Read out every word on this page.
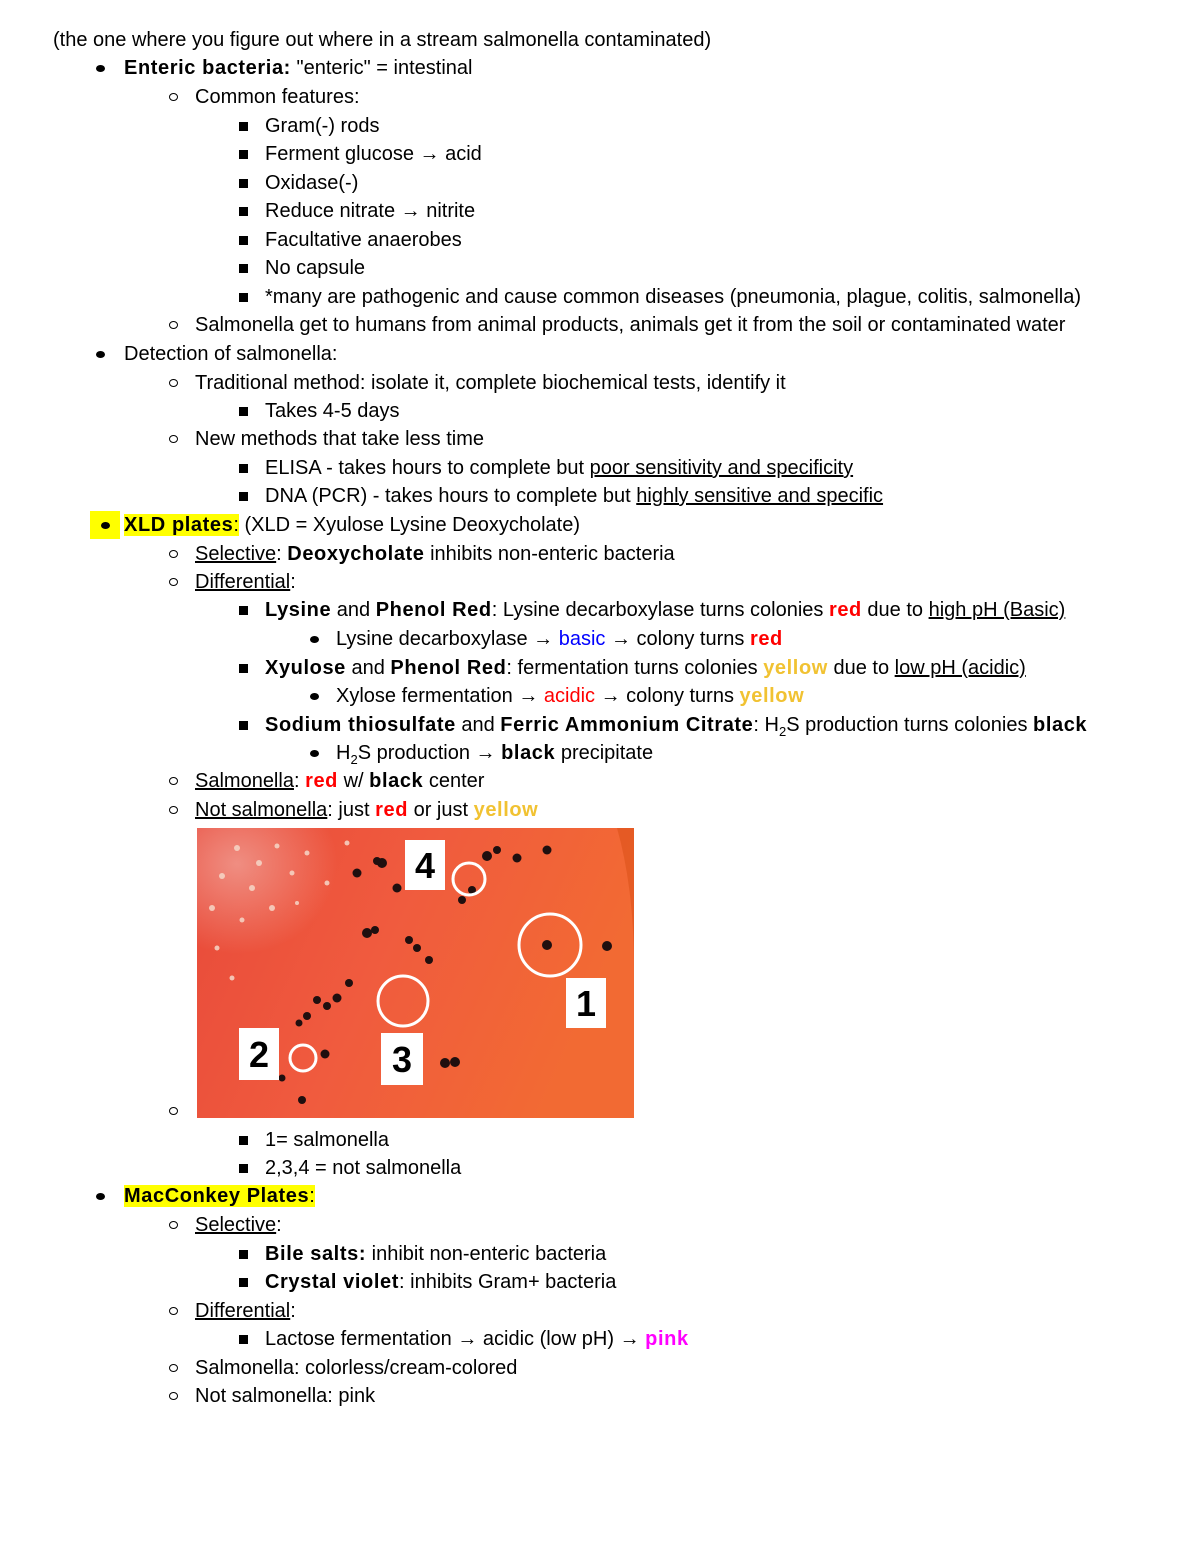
(the one where you figure out where in a stream salmonella contaminated)
Enteric bacteria: "enteric" = intestinal
Common features:
Gram(-) rods
Ferment glucose → acid
Oxidase(-)
Reduce nitrate → nitrite
Facultative anaerobes
No capsule
*many are pathogenic and cause common diseases (pneumonia, plague, colitis, salmonella)
Salmonella get to humans from animal products, animals get it from the soil or contaminated water
Detection of salmonella:
Traditional method: isolate it, complete biochemical tests, identify it
Takes 4-5 days
New methods that take less time
ELISA - takes hours to complete but poor sensitivity and specificity
DNA (PCR) - takes hours to complete but highly sensitive and specific
XLD plates: (XLD = Xyulose Lysine Deoxycholate)
Selective: Deoxycholate inhibits non-enteric bacteria
Differential:
Lysine and Phenol Red: Lysine decarboxylase turns colonies red due to high pH (Basic)
Lysine decarboxylase → basic → colony turns red
Xyulose and Phenol Red: fermentation turns colonies yellow due to low pH (acidic)
Xylose fermentation → acidic → colony turns yellow
Sodium thiosulfate and Ferric Ammonium Citrate: $H_2S$ production turns colonies black
$H_2S$ production → black precipitate
Salmonella: red w/ black center
Not salmonella: just red or just yellow
1
2	3
4
1= salmonella
2,3,4 = not salmonella
MacConkey Plates:
Selective:
Bile salts: inhibit non-enteric bacteria
Crystal violet: inhibits Gram+ bacteria
Differential:
Lactose fermentation → acidic (low pH) → pink
Salmonella: colorless/cream-colored
Not salmonella: pink
